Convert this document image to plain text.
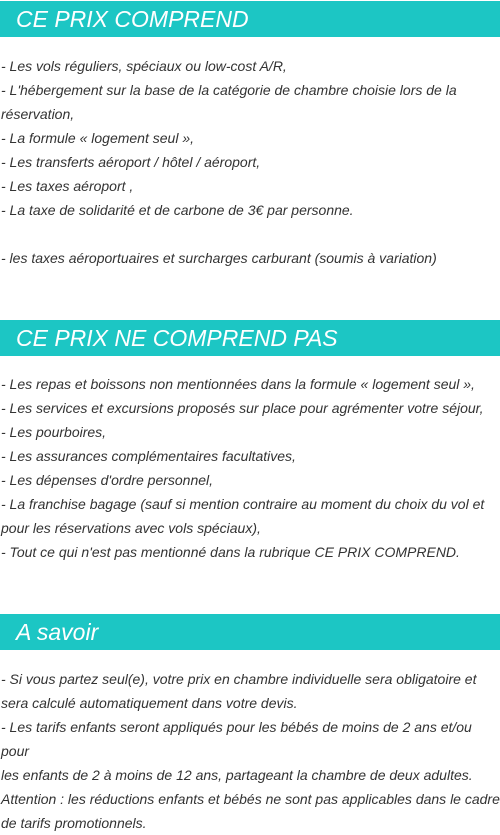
CE PRIX COMPREND
- Les vols réguliers, spéciaux ou low-cost A/R,
- L'hébergement sur la base de la catégorie de chambre choisie lors de la
réservation,
- La formule « logement seul »,
- Les transferts aéroport / hôtel / aéroport,
- Les taxes aéroport ,
- La taxe de solidarité et de carbone de 3€ par personne.
- les taxes aéroportuaires et surcharges carburant (soumis à variation)
CE PRIX NE COMPREND PAS
- Les repas et boissons non mentionnées dans la formule « logement seul »,
- Les services et excursions proposés sur place pour agrémenter votre séjour,
- Les pourboires,
- Les assurances complémentaires facultatives,
- Les dépenses d'ordre personnel,
- La franchise bagage (sauf si mention contraire au moment du choix du vol et
pour les réservations avec vols spéciaux),
- Tout ce qui n'est pas mentionné dans la rubrique CE PRIX COMPREND.
A savoir
- Si vous partez seul(e), votre prix en chambre individuelle sera obligatoire et
sera calculé automatiquement dans votre devis.
- Les tarifs enfants seront appliqués pour les bébés de moins de 2 ans et/ou pour
les enfants de 2 à moins de 12 ans, partageant la chambre de deux adultes.
Attention : les réductions enfants et bébés ne sont pas applicables dans le cadre
de tarifs promotionnels.
